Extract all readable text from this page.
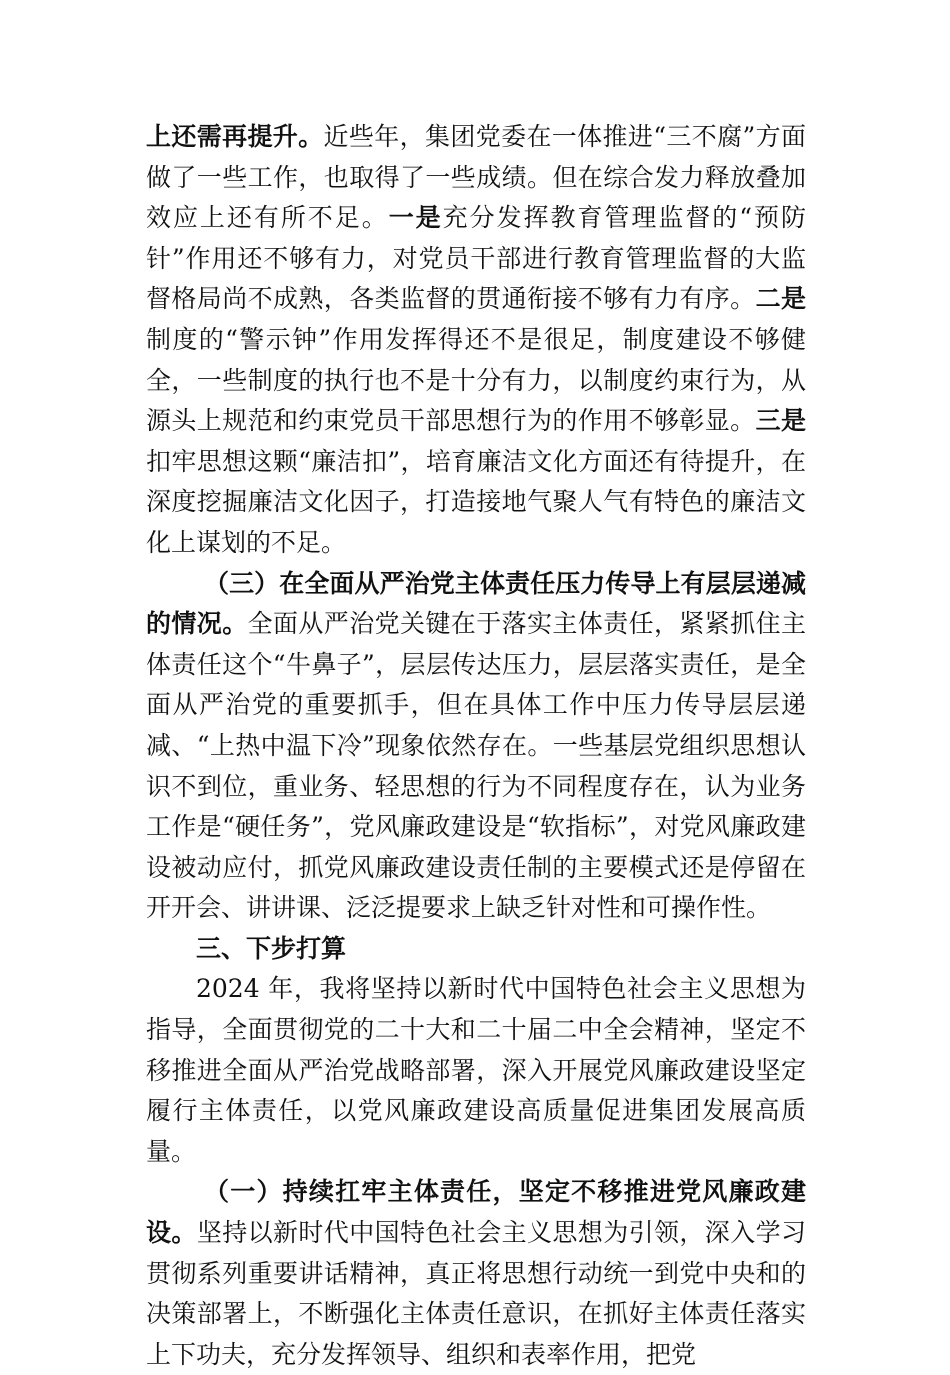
上还需再提升。近些年，集团党委在一体推进“三不腐”方面做了一些工作，也取得了一些成绩。但在综合发力释放叠加效应上还有所不足。一是充分发挥教育管理监督的“预防针”作用还不够有力，对党员干部进行教育管理监督的大监督格局尚不成熟，各类监督的贯通衔接不够有力有序。二是制度的“警示钟”作用发挥得还不是很足，制度建设不够健全，一些制度的执行也不是十分有力，以制度约束行为，从源头上规范和约束党员干部思想行为的作用不够彰显。三是扣牢思想这颗“廉洁扣”，培育廉洁文化方面还有待提升，在深度挖掘廉洁文化因子，打造接地气聚人气有特色的廉洁文化上谋划的不足。

（三）在全面从严治党主体责任压力传导上有层层递减的情况。全面从严治党关键在于落实主体责任，紧紧抓住主体责任这个“牛鼻子”，层层传达压力，层层落实责任，是全面从严治党的重要抓手，但在具体工作中压力传导层层递减、“上热中温下冷”现象依然存在。一些基层党组织思想认识不到位，重业务、轻思想的行为不同程度存在，认为业务工作是“硬任务”，党风廉政建设是“软指标”，对党风廉政建设被动应付，抓党风廉政建设责任制的主要模式还是停留在开开会、讲讲课、泛泛提要求上缺乏针对性和可操作性。

三、下步打算

2024 年，我将坚持以新时代中国特色社会主义思想为指导，全面贯彻党的二十大和二十届二中全会精神，坚定不移推进全面从严治党战略部署，深入开展党风廉政建设坚定履行主体责任，以党风廉政建设高质量促进集团发展高质量。

（一）持续扛牢主体责任，坚定不移推进党风廉政建设。坚持以新时代中国特色社会主义思想为引领，深入学习贯彻系列重要讲话精神，真正将思想行动统一到党中央和的决策部署上，不断强化主体责任意识，在抓好主体责任落实上下功夫，充分发挥领导、组织和表率作用，把党
